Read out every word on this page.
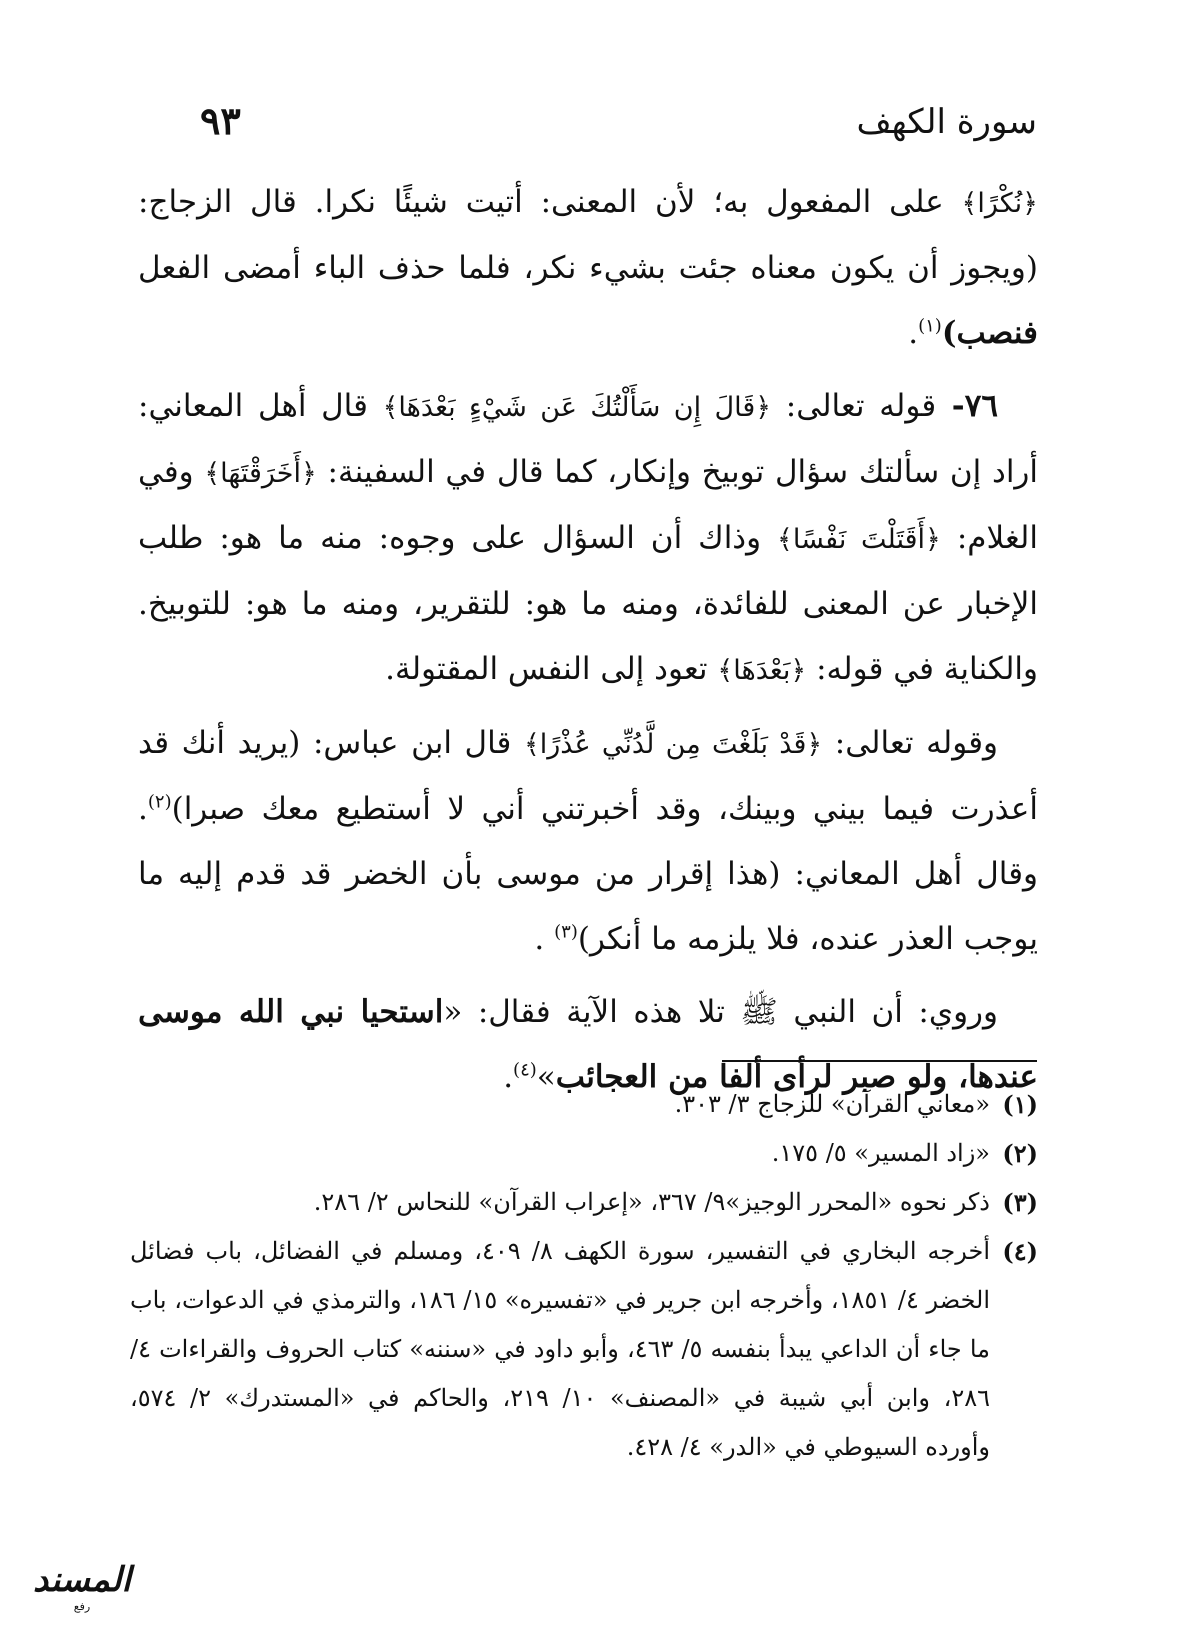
سورة الكهف
٩٣

﴿نُكْرًا﴾ على المفعول به؛ لأن المعنى: أتيت شيئًا نكرا. قال الزجاج: (ويجوز أن يكون معناه جئت بشيء نكر، فلما حذف الباء أمضى الفعل فنصب)$^{(١)}$.

٧٦- قوله تعالى: ﴿قَالَ إِن سَأَلْتُكَ عَن شَيْءٍ بَعْدَهَا﴾ قال أهل المعاني: أراد إن سألتك سؤال توبيخ وإنكار، كما قال في السفينة: ﴿أَخَرَقْتَهَا﴾ وفي الغلام: ﴿أَقَتَلْتَ نَفْسًا﴾ وذاك أن السؤال على وجوه: منه ما هو: طلب الإخبار عن المعنى للفائدة، ومنه ما هو: للتقرير، ومنه ما هو: للتوبيخ. والكناية في قوله: ﴿بَعْدَهَا﴾ تعود إلى النفس المقتولة.

وقوله تعالى: ﴿قَدْ بَلَغْتَ مِن لَّدُنِّي عُذْرًا﴾ قال ابن عباس: (يريد أنك قد أعذرت فيما بيني وبينك، وقد أخبرتني أني لا أستطيع معك صبرا)$^{(٢)}$. وقال أهل المعاني: (هذا إقرار من موسى بأن الخضر قد قدم إليه ما يوجب العذر عنده، فلا يلزمه ما أنكر)$^{(٣)}$ .

وروي: أن النبي ﷺ تلا هذه الآية فقال: «استحيا نبي الله موسى عندها، ولو صبر لرأى ألفا من العجائب»$^{(٤)}$.

(١)
«معاني القرآن» للزجاج ٣/ ٣٠٣.
(٢)
«زاد المسير» ٥/ ١٧٥.
(٣)
ذكر نحوه «المحرر الوجيز»٩/ ٣٦٧، «إعراب القرآن» للنحاس ٢/ ٢٨٦.
(٤)
أخرجه البخاري في التفسير، سورة الكهف ٨/ ٤٠٩، ومسلم في الفضائل، باب فضائل الخضر ٤/ ١٨٥١، وأخرجه ابن جرير في «تفسيره» ١٥/ ١٨٦، والترمذي في الدعوات، باب ما جاء أن الداعي يبدأ بنفسه ٥/ ٤٦٣، وأبو داود في «سننه» كتاب الحروف والقراءات ٤/ ٢٨٦، وابن أبي شيبة في «المصنف» ١٠/ ٢١٩، والحاكم في «المستدرك» ٢/ ٥٧٤، وأورده السيوطي في «الدر» ٤/ ٤٢٨.
المسند
رفع
